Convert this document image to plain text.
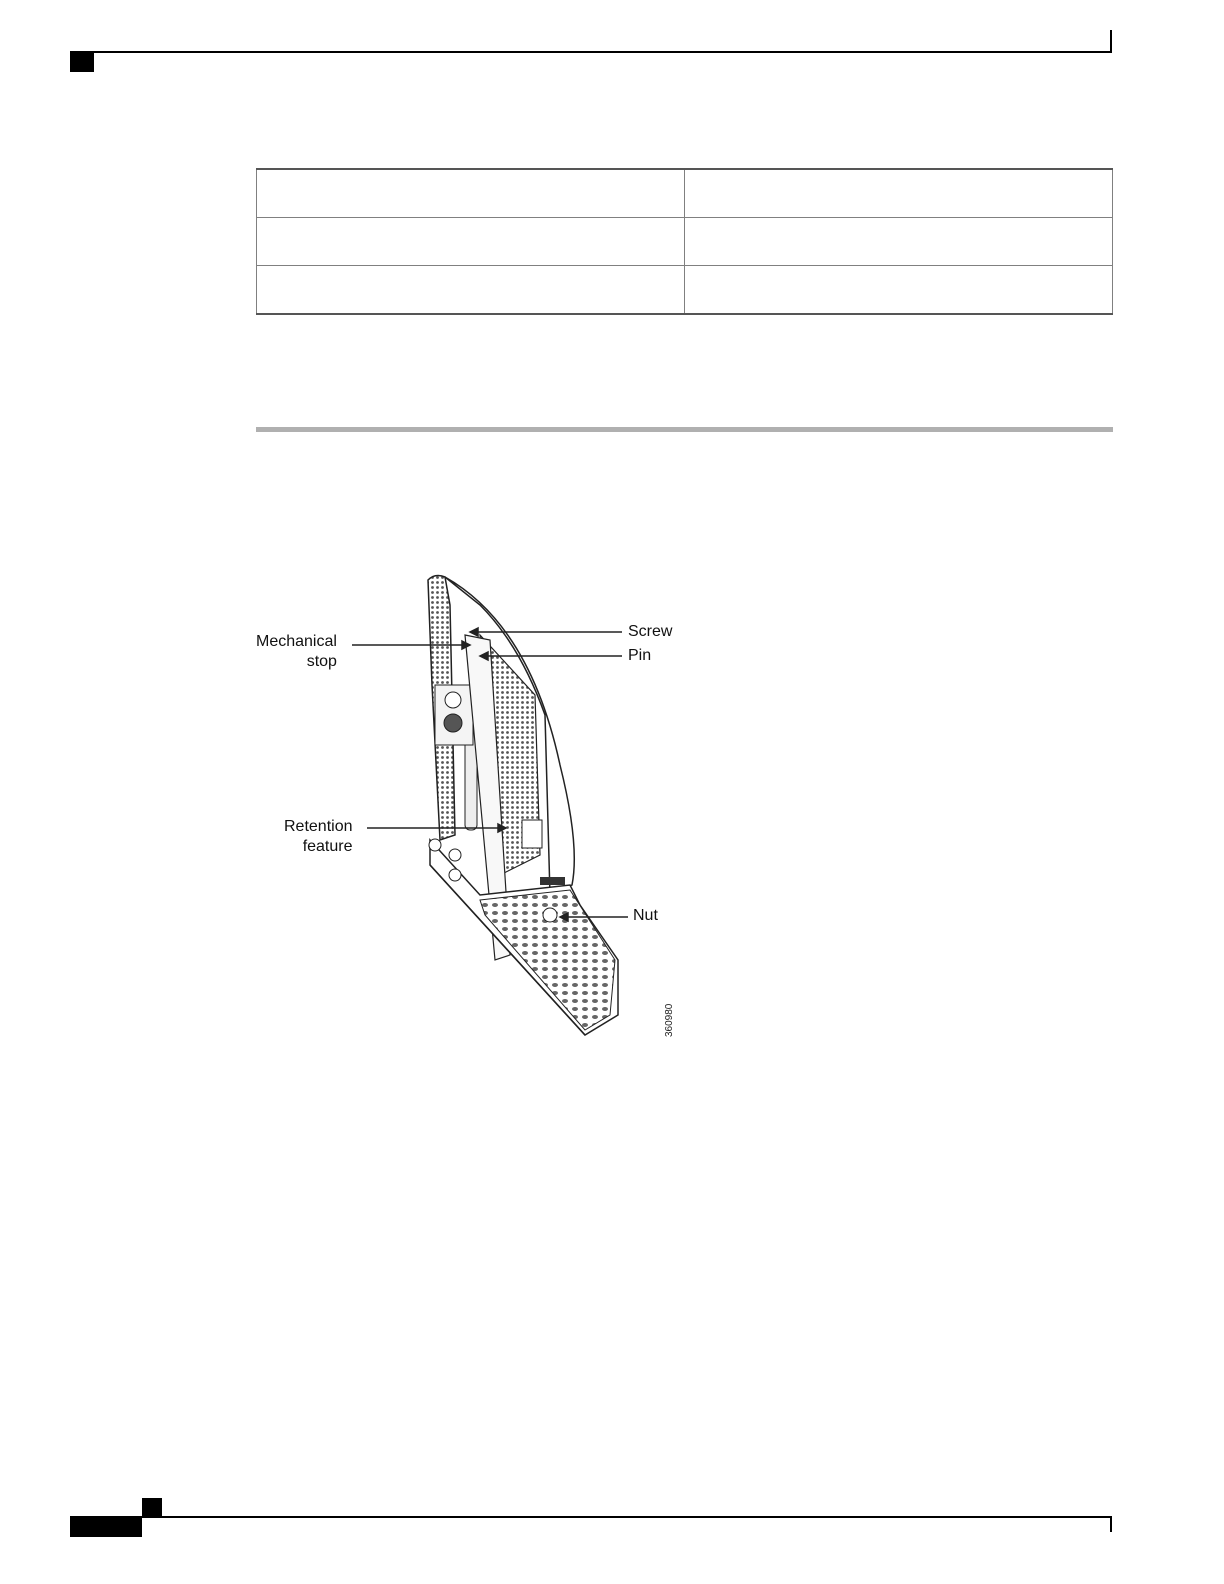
Mechanical
stop
Screw
Pin
Retention
feature
Nut
360980
